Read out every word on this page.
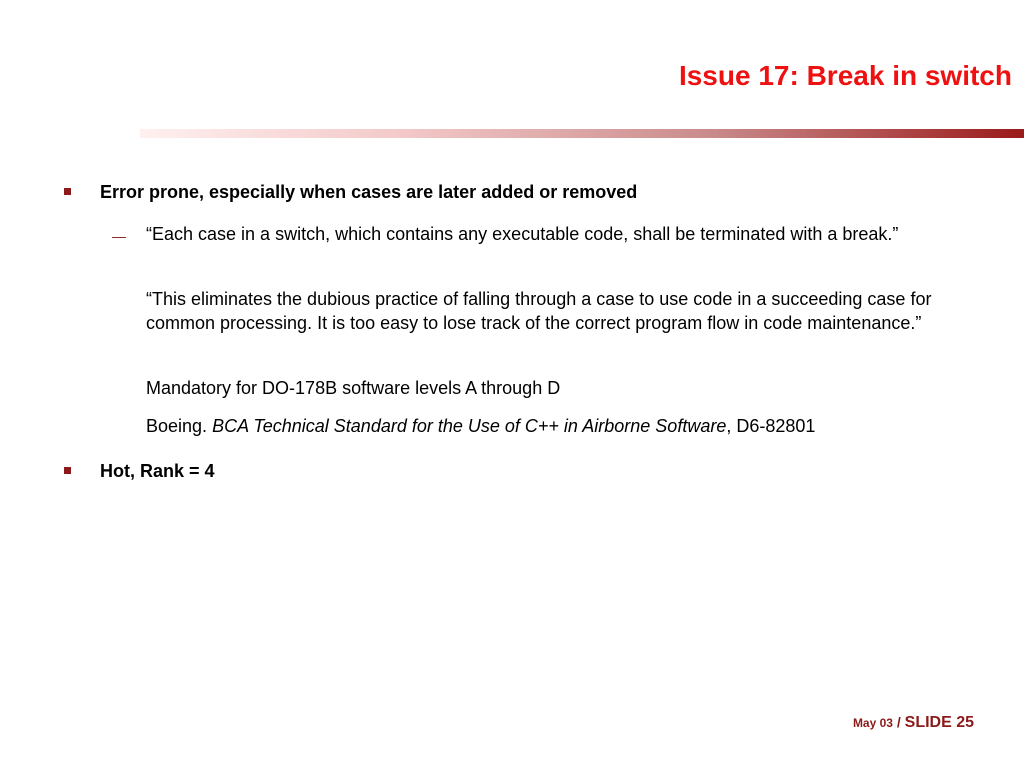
Issue 17: Break in switch
Error prone, especially when cases are later added or removed
— “Each case in a switch, which contains any executable code, shall be terminated with a break.”
“This eliminates the dubious practice of falling through a case to use code in a succeeding case for common processing. It is too easy to lose track of the correct program flow in code maintenance.”
Mandatory for DO-178B software levels A through D
Boeing. BCA Technical Standard for the Use of C++ in Airborne Software, D6-82801
Hot, Rank = 4
May 03 / SLIDE 25
